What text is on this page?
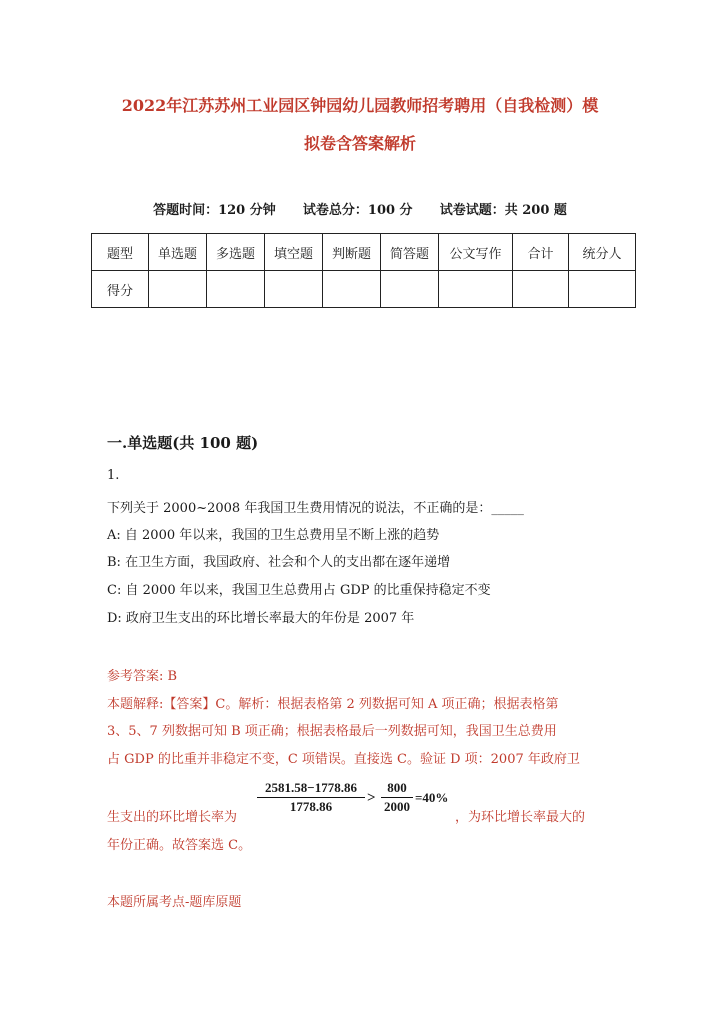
2022年江苏苏州工业园区钟园幼儿园教师招考聘用（自我检测）模
拟卷含答案解析
答题时间：120 分钟      试卷总分：100 分      试卷试题：共 200 题
题型	单选题	多选题	填空题	判断题	简答题	公文写作	合计	统分人
得分								
一.单选题(共 100 题)
1.
下列关于 2000~2008 年我国卫生费用情况的说法，不正确的是：_____
A: 自 2000 年以来，我国的卫生总费用呈不断上涨的趋势
B: 在卫生方面，我国政府、社会和个人的支出都在逐年递增
C: 自 2000 年以来，我国卫生总费用占 GDP 的比重保持稳定不变
D: 政府卫生支出的环比增长率最大的年份是 2007 年
参考答案: B
本题解释:【答案】C。解析：根据表格第 2 列数据可知 A 项正确；根据表格第
3、5、7 列数据可知 B 项正确；根据表格最后一列数据可知，我国卫生总费用
占 GDP 的比重并非稳定不变，C 项错误。直接选 C。验证 D 项：2007 年政府卫
生支出的环比增长率为
2581.58−1778.86
1778.86
>
800
2000
=40%
，为环比增长率最大的
年份正确。故答案选 C。
本题所属考点-题库原题
